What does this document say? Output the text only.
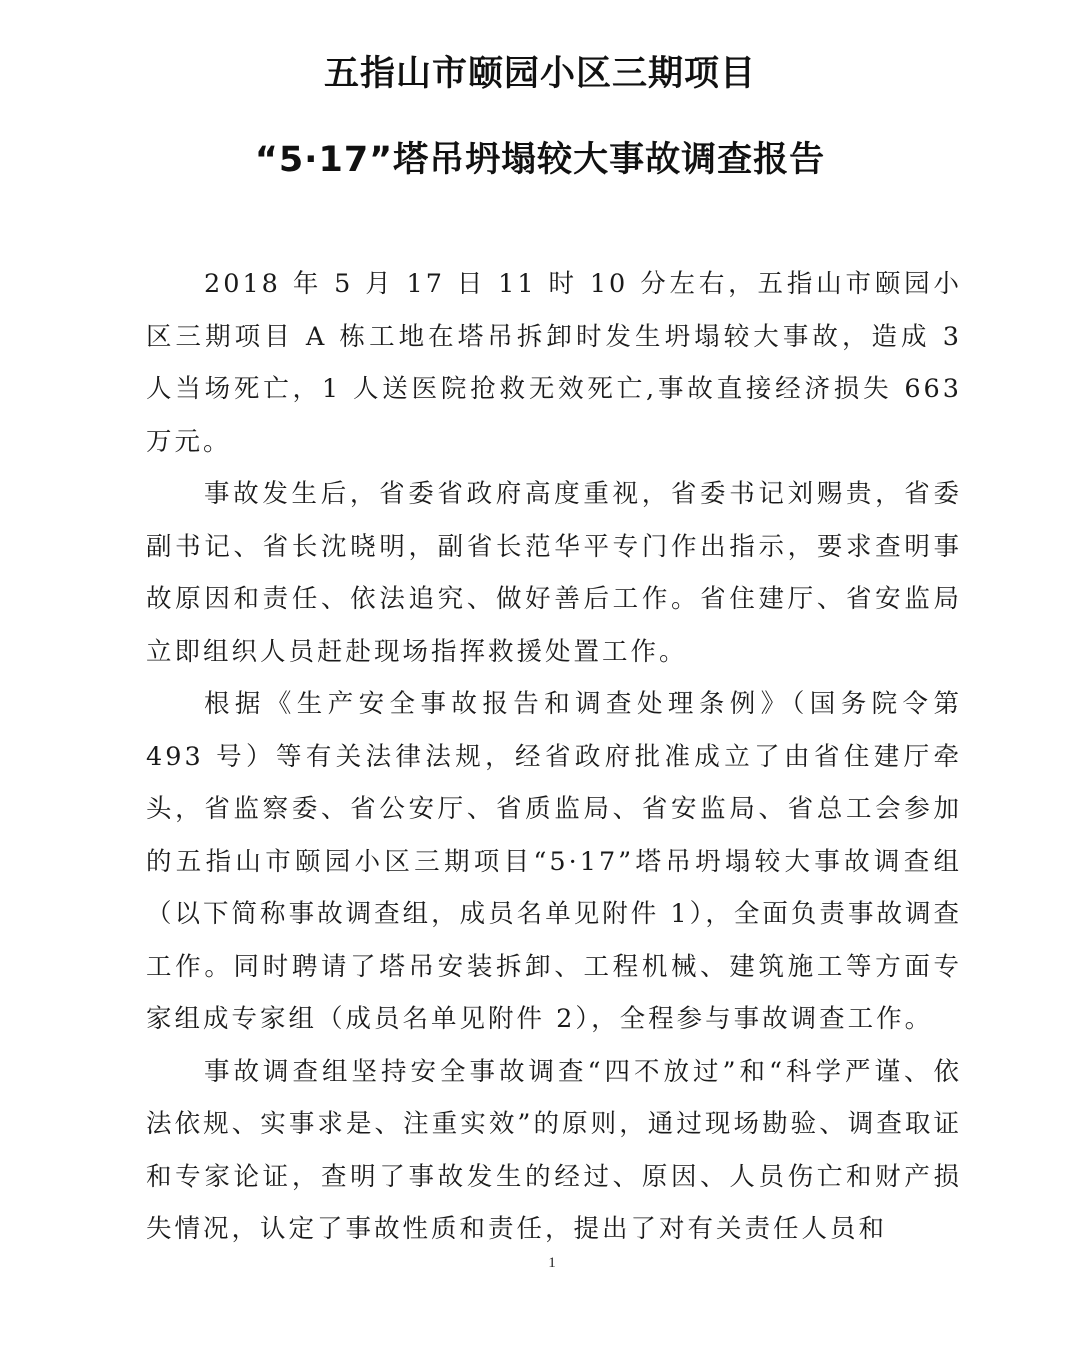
五指山市颐园小区三期项目
“5·17”塔吊坍塌较大事故调查报告

2018 年 5 月 17 日 11 时 10 分左右，五指山市颐园小区三期项目 A 栋工地在塔吊拆卸时发生坍塌较大事故，造成 3 人当场死亡，1 人送医院抢救无效死亡,事故直接经济损失 663 万元。

事故发生后，省委省政府高度重视，省委书记刘赐贵，省委副书记、省长沈晓明，副省长范华平专门作出指示，要求查明事故原因和责任、依法追究、做好善后工作。省住建厅、省安监局立即组织人员赶赴现场指挥救援处置工作。

根据《生产安全事故报告和调查处理条例》（国务院令第 493 号）等有关法律法规，经省政府批准成立了由省住建厅牵头，省监察委、省公安厅、省质监局、省安监局、省总工会参加的五指山市颐园小区三期项目“5·17”塔吊坍塌较大事故调查组（以下简称事故调查组，成员名单见附件 1），全面负责事故调查工作。同时聘请了塔吊安装拆卸、工程机械、建筑施工等方面专家组成专家组（成员名单见附件 2），全程参与事故调查工作。

事故调查组坚持安全事故调查“四不放过”和“科学严谨、依法依规、实事求是、注重实效”的原则，通过现场勘验、调查取证和专家论证，查明了事故发生的经过、原因、人员伤亡和财产损失情况，认定了事故性质和责任，提出了对有关责任人员和

1
